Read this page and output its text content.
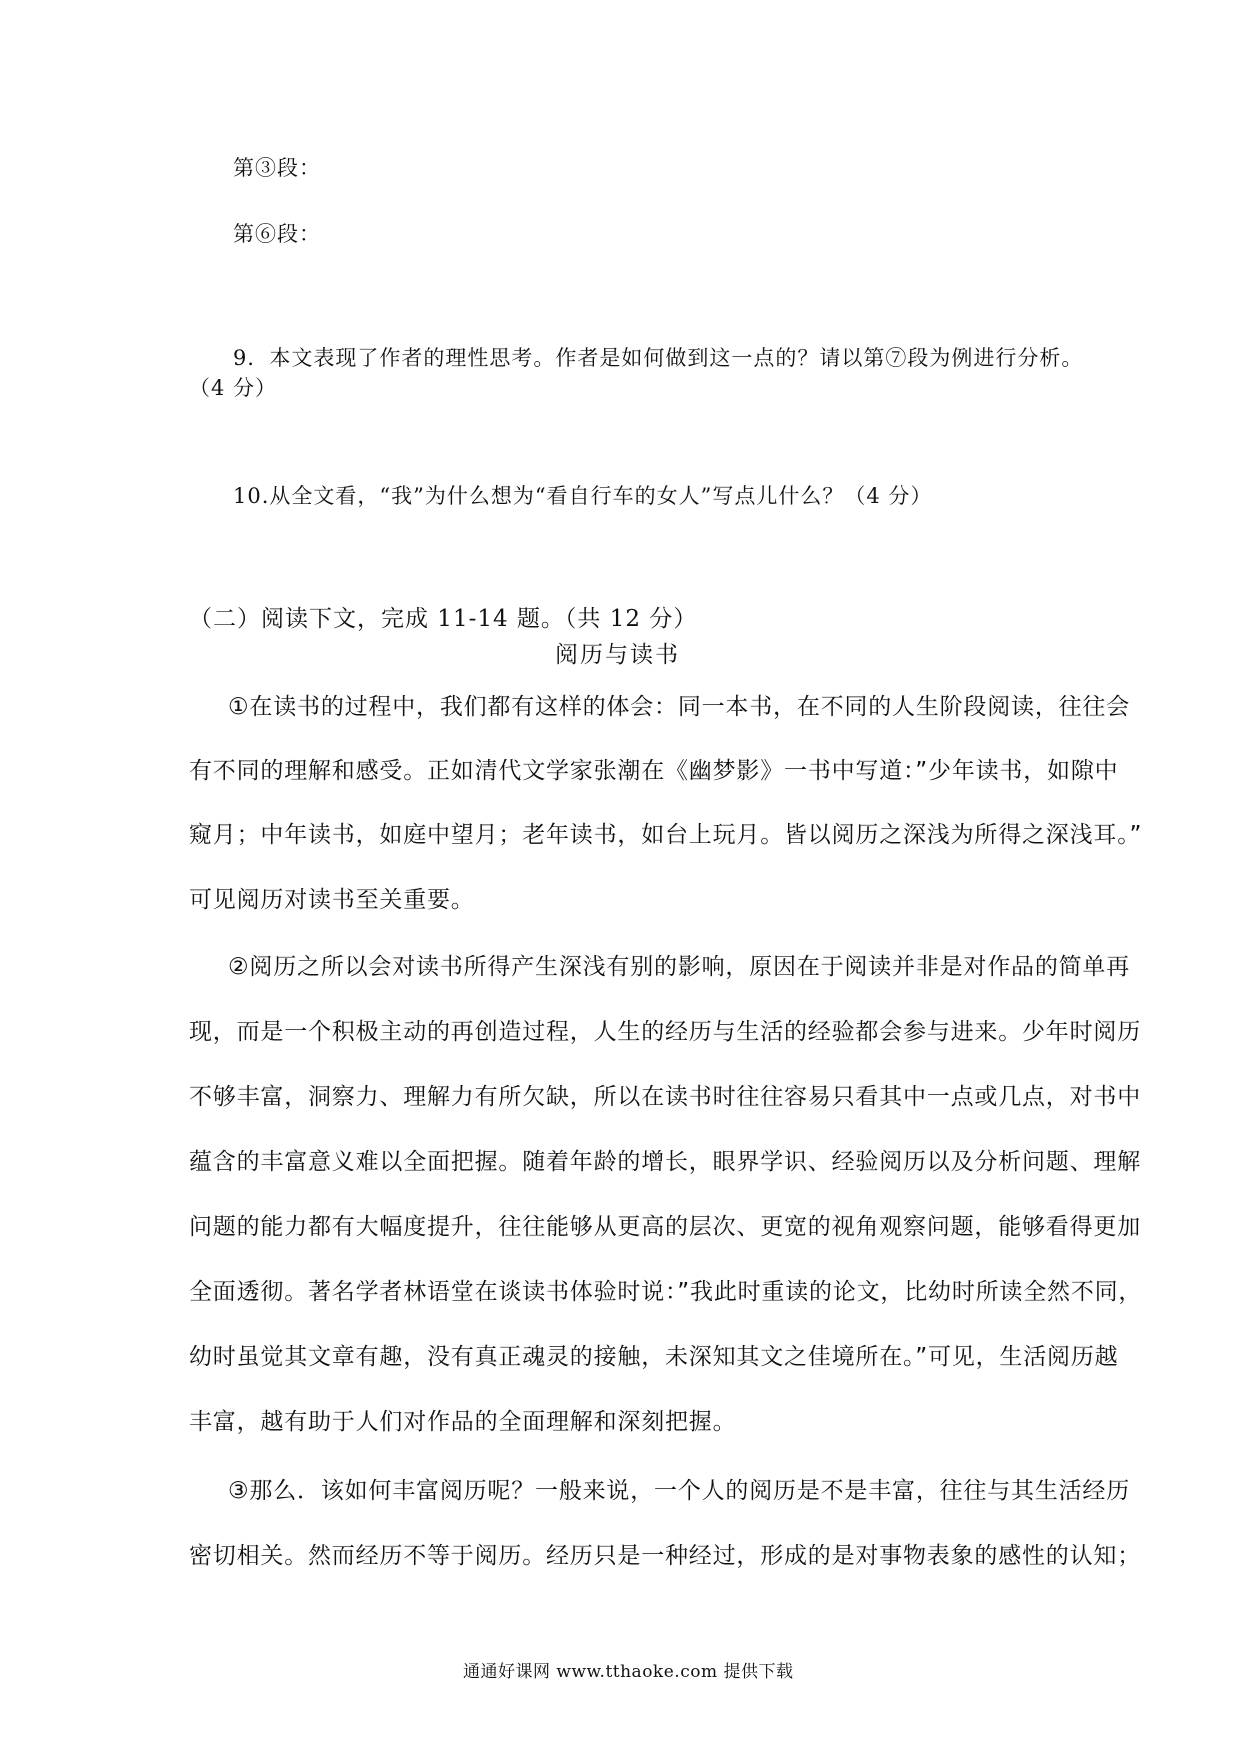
第③段：

第⑥段：

9．本文表现了作者的理性思考。作者是如何做到这一点的？请以第⑦段为例进行分析。

（4 分）

10.从全文看，“我”为什么想为“看自行车的女人”写点儿什么？（4 分）

（二）阅读下文，完成 11-14 题。（共 12 分）

阅历与读书

①在读书的过程中，我们都有这样的体会：同一本书，在不同的人生阶段阅读，往往会

有不同的理解和感受。正如清代文学家张潮在《幽梦影》一书中写道：”少年读书，如隙中

窥月；中年读书，如庭中望月；老年读书，如台上玩月。皆以阅历之深浅为所得之深浅耳。”

可见阅历对读书至关重要。

②阅历之所以会对读书所得产生深浅有别的影响，原因在于阅读并非是对作品的简单再

现，而是一个积极主动的再创造过程，人生的经历与生活的经验都会参与进来。少年时阅历

不够丰富，洞察力、理解力有所欠缺，所以在读书时往往容易只看其中一点或几点，对书中

蕴含的丰富意义难以全面把握。随着年龄的增长，眼界学识、经验阅历以及分析问题、理解

问题的能力都有大幅度提升，往往能够从更高的层次、更宽的视角观察问题，能够看得更加

全面透彻。著名学者林语堂在谈读书体验时说：”我此时重读的论文，比幼时所读全然不同，

幼时虽觉其文章有趣，没有真正魂灵的接触，未深知其文之佳境所在。”可见，生活阅历越

丰富，越有助于人们对作品的全面理解和深刻把握。

③那么．该如何丰富阅历呢？一般来说，一个人的阅历是不是丰富，往往与其生活经历

密切相关。然而经历不等于阅历。经历只是一种经过，形成的是对事物表象的感性的认知；

通通好课网 www.tthaoke.com 提供下载
